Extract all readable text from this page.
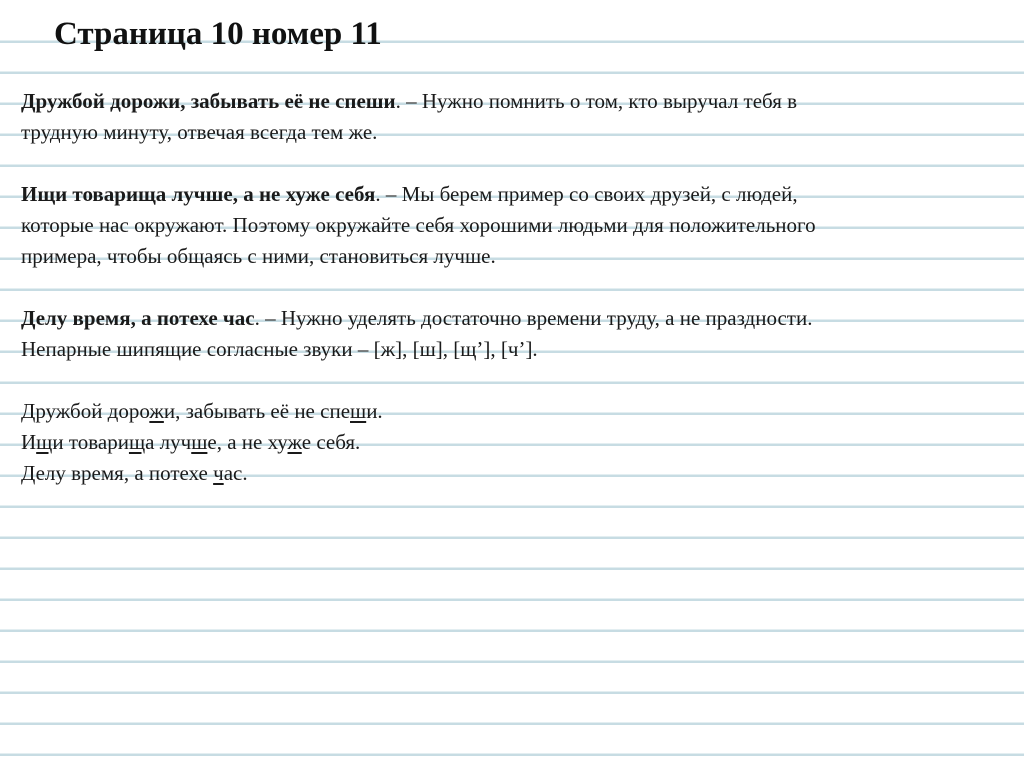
Страница 10 номер 11

Дружбой дорожи, забывать её не спеши. – Нужно помнить о том, кто выручал тебя в
трудную минуту, отвечая всегда тем же.

Ищи товарища лучше, а не хуже себя. – Мы берем пример со своих друзей, с людей,
которые нас окружают. Поэтому окружайте себя хорошими людьми для положительного
примера, чтобы общаясь с ними, становиться лучше.

Делу время, а потехе час. – Нужно уделять достаточно времени труду, а не праздности.
Непарные шипящие согласные звуки – [ж], [ш], [щ’], [ч’].

Дружбой дорожи, забывать её не спеши.
Ищи товарища лучше, а не хуже себя.
Делу время, а потехе час.
